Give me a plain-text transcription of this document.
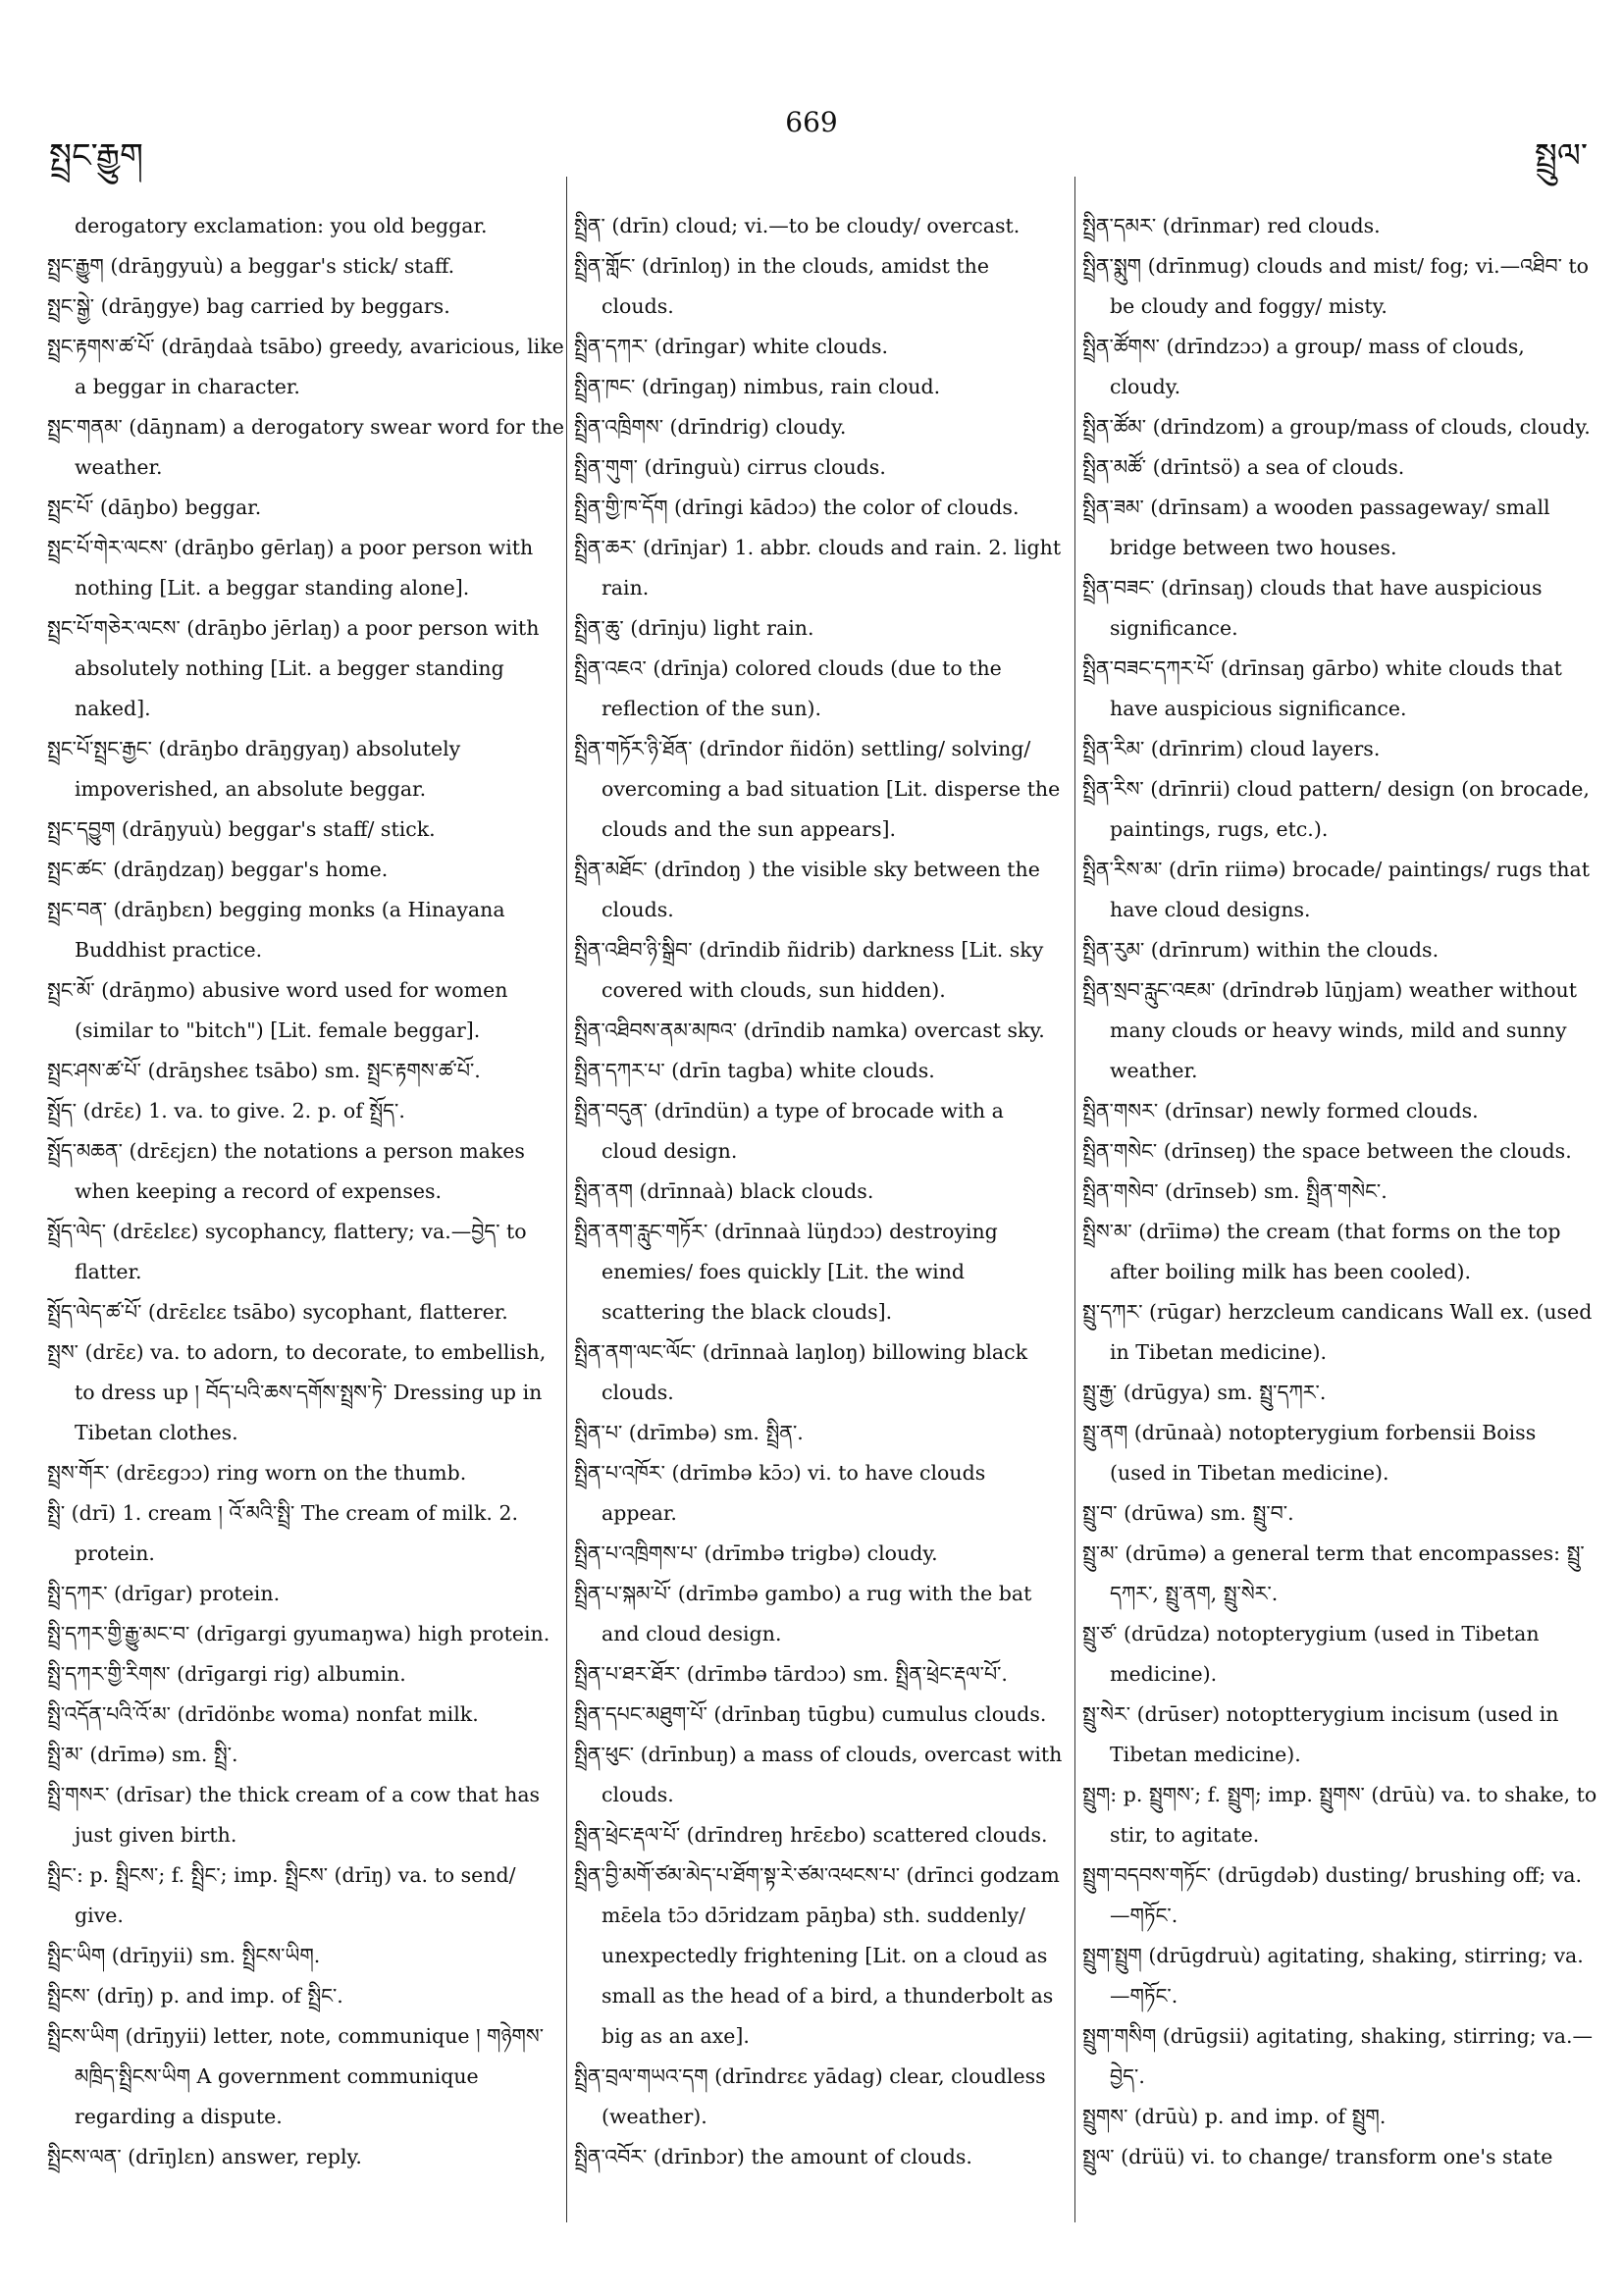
སྤྲང་རྒྱུག
669
སྤྲུལ་

derogatory exclamation: you old beggar.

སྤྲང་རྒྱུག (drāŋgyuù) a beggar's stick/ staff.

སྤྲང་སྒྱེ་ (drāŋgye) bag carried by beggars.

སྤྲང་རྟགས་ཚ་པོ་ (drāŋdaà tsābo) greedy, avaricious, like a beggar in character.

སྤྲང་གནམ་ (dāŋnam) a derogatory swear word for the weather.

སྤྲང་པོ་ (dāŋbo) beggar.

སྤྲང་པོ་གེར་ལངས་ (drāŋbo gērlaŋ) a poor person with nothing [Lit. a beggar standing alone].

སྤྲང་པོ་གཅེར་ལངས་ (drāŋbo jērlaŋ) a poor person with absolutely nothing [Lit. a begger standing naked].

སྤྲང་པོ་སྤྲང་རྒྱང་ (drāŋbo drāŋgyaŋ) absolutely impoverished, an absolute beggar.

སྤྲང་དབྱུག (drāŋyuù) beggar's staff/ stick.

སྤྲང་ཚང་ (drāŋdzaŋ) beggar's home.

སྤྲང་བན་ (drāŋbɛn) begging monks (a Hinayana Buddhist practice.

སྤྲང་མོ་ (drāŋmo) abusive word used for women (similar to "bitch") [Lit. female beggar].

སྤྲང་ཤས་ཚ་པོ་ (drāŋsheɛ tsābo) sm. སྤྲང་རྟགས་ཚ་པོ་.

སྤྲོད་ (drɛ̄ɛ) 1. va. to give. 2. p. of སྤྲོད་.

སྤྲོད་མཆན་ (drɛ̄ɛjɛn) the notations a person makes when keeping a record of expenses.

སྤྲོད་ལེད་ (drɛ̄ɛlɛɛ) sycophancy, flattery; va.—བྱེད་ to flatter.

སྤྲོད་ལེད་ཚ་པོ་ (drɛ̄ɛlɛɛ tsābo) sycophant, flatterer.

སྤྲས་ (drɛ̄ɛ) va. to adorn, to decorate, to embellish, to dress up ། བོད་པའི་ཆས་དགོས་སྤྲས་ཏེ་ Dressing up in Tibetan clothes.

སྤྲས་གོར་ (drɛ̄ɛgɔɔ) ring worn on the thumb.

སྤྲི་ (drī) 1. cream ། འོ་མའི་སྤྲི་ The cream of milk. 2. protein.

སྤྲི་དཀར་ (drīgar) protein.

སྤྲི་དཀར་གྱི་རྒྱུ་མང་བ་ (drīgargi gyumaŋwa) high protein.

སྤྲི་དཀར་གྱི་རིགས་ (drīgargi rig) albumin.

སྤྲི་འདོན་པའི་འོ་མ་ (drīdönbɛ woma) nonfat milk.

སྤྲི་མ་ (drīmə) sm. སྤྲི་.

སྤྲི་གསར་ (drīsar) the thick cream of a cow that has just given birth.

སྤྲིང་: p. སྤྲིངས་; f. སྤྲིང་; imp. སྤྲིངས་ (drīŋ) va. to send/ give.

སྤྲིང་ཡིག (drīŋyii) sm. སྤྲིངས་ཡིག.

སྤྲིངས་ (drīŋ) p. and imp. of སྤྲིང་.

སྤྲིངས་ཡིག (drīŋyii) letter, note, communique ། གཉེགས་མཁྲིད་སྤྲིངས་ཡིག A government communique regarding a dispute.

སྤྲིངས་ལན་ (drīŋlɛn) answer, reply.

སྤྲིན་ (drīn) cloud; vi.—to be cloudy/ overcast.

སྤྲིན་གློང་ (drīnloŋ) in the clouds, amidst the clouds.

སྤྲིན་དཀར་ (drīngar) white clouds.

སྤྲིན་ཁང་ (drīngaŋ) nimbus, rain cloud.

སྤྲིན་འཁྲིགས་ (drīndrig) cloudy.

སྤྲིན་གུག་ (drīnguù) cirrus clouds.

སྤྲིན་གྱི་ཁ་དོག (drīngi kādɔɔ) the color of clouds.

སྤྲིན་ཆར་ (drīnjar) 1. abbr. clouds and rain. 2. light rain.

སྤྲིན་ཆུ་ (drīnju) light rain.

སྤྲིན་འཇའ་ (drīnja) colored clouds (due to the reflection of the sun).

སྤྲིན་གཏོར་ཉི་ཐོན་ (drīndor ñidön) settling/ solving/ overcoming a bad situation [Lit. disperse the clouds and the sun appears].

སྤྲིན་མཐོང་ (drīndoŋ ) the visible sky between the clouds.

སྤྲིན་འཐིབ་ཉི་སྒྲིབ་ (drīndib ñidrib) darkness [Lit. sky covered with clouds, sun hidden).

སྤྲིན་འཐིབས་ནམ་མཁའ་ (drīndib namka) overcast sky.

སྤྲིན་དཀར་པ་ (drīn tagba) white clouds.

སྤྲིན་བདུན་ (drīndün) a type of brocade with a cloud design.

སྤྲིན་ནག (drīnnaà) black clouds.

སྤྲིན་ནག་རླུང་གཏོར་ (drīnnaà lüŋdɔɔ) destroying enemies/ foes quickly [Lit. the wind scattering the black clouds].

སྤྲིན་ནག་ལང་ལོང་ (drīnnaà laŋloŋ) billowing black clouds.

སྤྲིན་པ་ (drīmbə) sm. སྤྲིན་.

སྤྲིན་པ་འཁོར་ (drīmbə kɔ̄ɔ) vi. to have clouds appear.

སྤྲིན་པ་འཁྲིགས་པ་ (drīmbə trigbə) cloudy.

སྤྲིན་པ་སྐམ་པོ་ (drīmbə gambo) a rug with the bat and cloud design.

སྤྲིན་པ་ཐར་ཐོར་ (drīmbə tārdɔɔ) sm. སྤྲིན་ཕྲེང་རྡལ་པོ་.

སྤྲིན་དཔང་མཐུག་པོ་ (drīnbaŋ tūgbu) cumulus clouds.

སྤྲིན་ཕུང་ (drīnbuŋ) a mass of clouds, overcast with clouds.

སྤྲིན་ཕྲེང་རྡལ་པོ་ (drīndreŋ hrɛ̄ɛbo) scattered clouds.

སྤྲིན་བྱི་མགོ་ཙམ་མེད་པ་ཐོག་སྟ་རེ་ཙམ་འཕངས་པ་ (drīnci godzam mɛ̄ela tɔ̄ɔ dɔ̄ridzam pāŋba) sth. suddenly/ unexpectedly frightening [Lit. on a cloud as small as the head of a bird, a thunderbolt as big as an axe].

སྤྲིན་བྲལ་གཡའ་དག (drīndrɛɛ yādag) clear, cloudless (weather).

སྤྲིན་འབོར་ (drīnbɔr) the amount of clouds.

སྤྲིན་དམར་ (drīnmar) red clouds.

སྤྲིན་སྨུག (drīnmug) clouds and mist/ fog; vi.—འཐིབ་ to be cloudy and foggy/ misty.

སྤྲིན་ཚོགས་ (drīndzɔɔ) a group/ mass of clouds, cloudy.

སྤྲིན་ཚོམ་ (drīndzom) a group/mass of clouds, cloudy.

སྤྲིན་མཚོ་ (drīntsö) a sea of clouds.

སྤྲིན་ཟམ་ (drīnsam) a wooden passageway/ small bridge between two houses.

སྤྲིན་བཟང་ (drīnsaŋ) clouds that have auspicious significance.

སྤྲིན་བཟང་དཀར་པོ་ (drīnsaŋ gārbo) white clouds that have auspicious significance.

སྤྲིན་རིམ་ (drīnrim) cloud layers.

སྤྲིན་རིས་ (drīnrii) cloud pattern/ design (on brocade, paintings, rugs, etc.).

སྤྲིན་རིས་མ་ (drīn riimə) brocade/ paintings/ rugs that have cloud designs.

སྤྲིན་རུམ་ (drīnrum) within the clouds.

སྤྲིན་སྲབ་རླུང་འཇམ་ (drīndrəb lūŋjam) weather without many clouds or heavy winds, mild and sunny weather.

སྤྲིན་གསར་ (drīnsar) newly formed clouds.

སྤྲིན་གསེང་ (drīnseŋ) the space between the clouds.

སྤྲིན་གསེབ་ (drīnseb) sm. སྤྲིན་གསེང་.

སྤྲིས་མ་ (drīimə) the cream (that forms on the top after boiling milk has been cooled).

སྤྲུ་དཀར་ (rūgar) herzcleum candicans Wall ex. (used in Tibetan medicine).

སྤྲུ་རྒྱ་ (drūgya) sm. སྤྲུ་དཀར་.

སྤྲུ་ནག (drūnaà) notopterygium forbensii Boiss (used in Tibetan medicine).

སྤྲུ་བ་ (drūwa) sm. སྤྲུ་བ་.

སྤྲུ་མ་ (drūmə) a general term that encompasses: སྤྲུ་དཀར་, སྤྲུ་ནག, སྤྲུ་སེར་.

སྤྲུ་ཙ་ (drūdza) notopterygium (used in Tibetan medicine).

སྤྲུ་སེར་ (drūser) notoptterygium incisum (used in Tibetan medicine).

སྤྲུག: p. སྤྲུགས་; f. སྤྲུག; imp. སྤྲུགས་ (drūù) va. to shake, to stir, to agitate.

སྤྲུག་བདབས་གཏོང་ (drūgdəb) dusting/ brushing off; va.—གཏོང་.

སྤྲུག་སྤྲུག (drūgdruù) agitating, shaking, stirring; va.—གཏོང་.

སྤྲུག་གསིག (drūgsii) agitating, shaking, stirring; va.—བྱེད་.

སྤྲུགས་ (drūù) p. and imp. of སྤྲུག.

སྤྲུལ་ (drüü) vi. to change/ transform one's state
